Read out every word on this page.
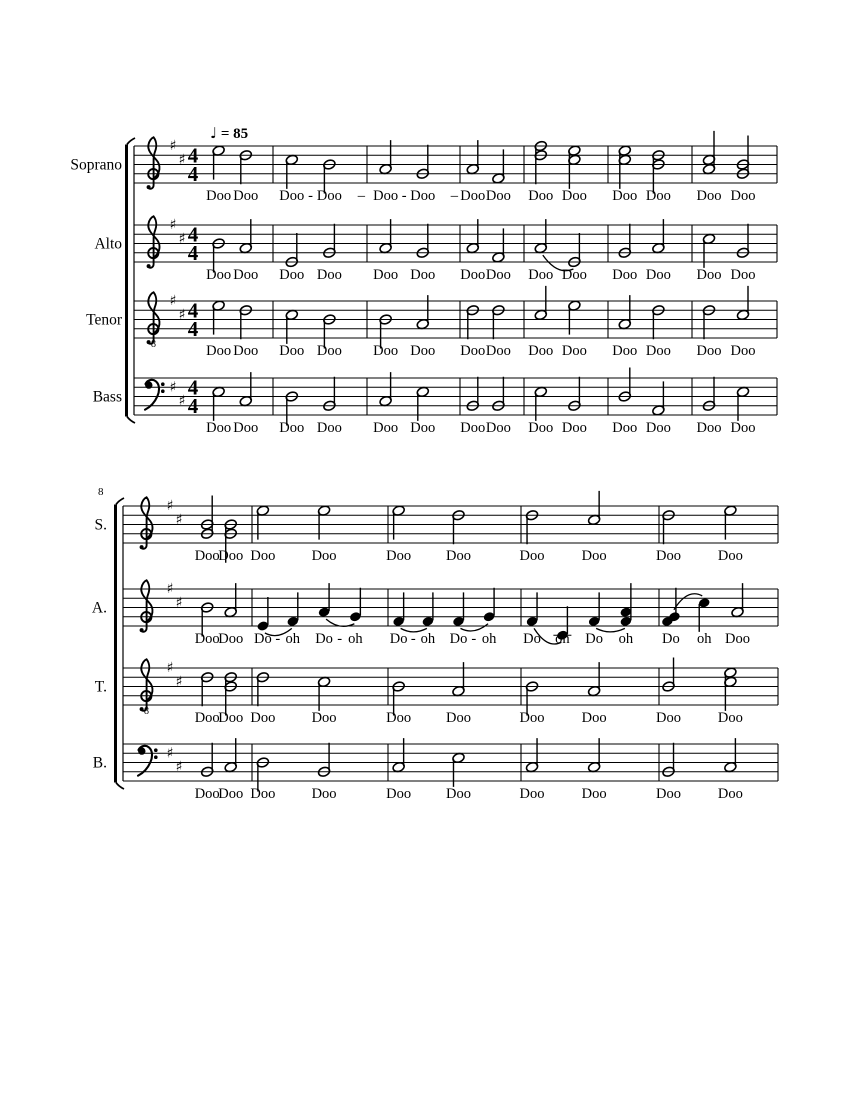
Soprano
♯
♯ 4
4
♩ = 85
Doo Doo Doo - Doo – Doo - Doo – Doo Doo Doo Doo Doo Doo Doo Doo
Alto
♯
♯ 4
4
Doo Doo Doo Doo Doo Doo Doo Doo Doo Doo Doo Doo Doo Doo
Tenor
8
♯
♯ 4
4
Doo Doo Doo Doo Doo Doo Doo Doo Doo Doo Doo Doo Doo Doo
Bass
♯
♯
4
4
Doo Doo Doo Doo Doo Doo Doo Doo Doo Doo Doo Doo Doo Doo
8
S.
♯
♯
Doo
Doo Doo Doo	Doo Doo	Doo	Doo	Doo	Doo
A.
♯
♯
Doo
Doo Do - oh Do - oh Do - oh Do - oh Do oh Do oh Do oh Doo
T.
8
♯
♯
Doo
Doo Doo Doo	Doo Doo	Doo	Doo	Doo	Doo
B.
♯
♯
Doo
Doo Doo Doo	Doo Doo	Doo	Doo	Doo	Doo
